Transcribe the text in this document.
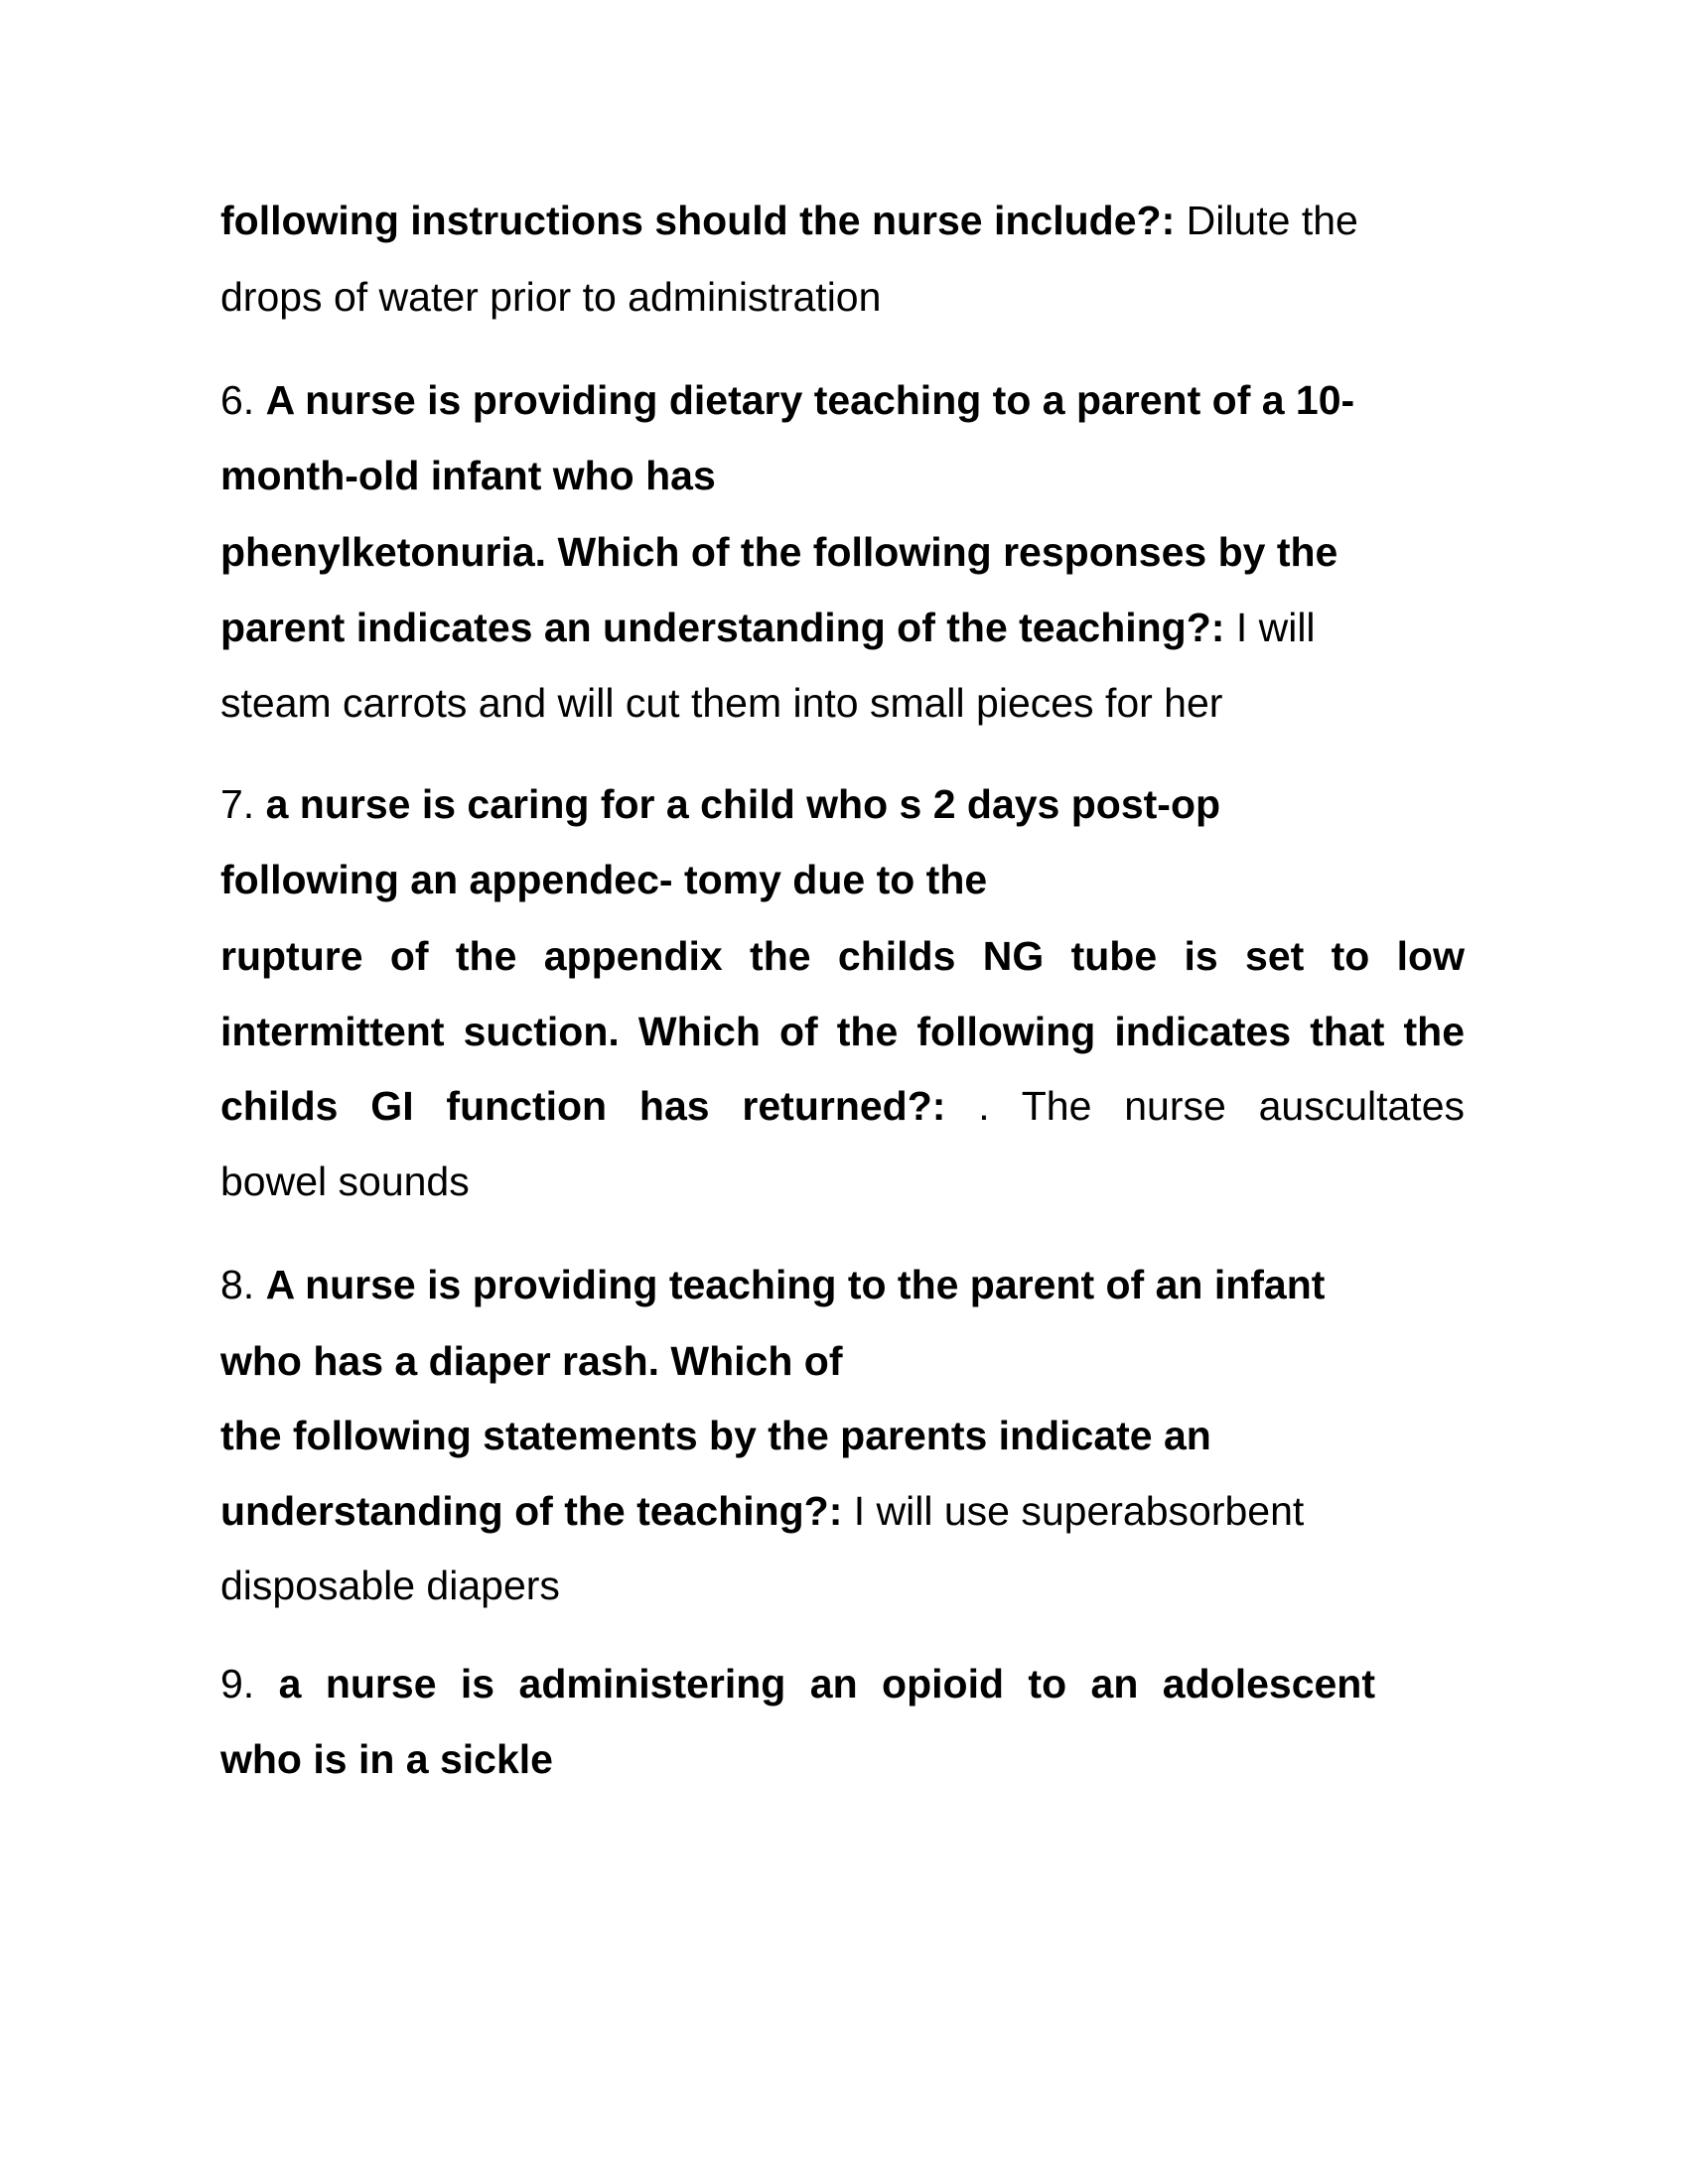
following instructions should the nurse include?: Dilute the
drops of water prior to administration
6. A nurse is providing dietary teaching to a parent of a 10-
month-old infant who has
phenylketonuria. Which of the following responses by the
parent indicates an understanding of the teaching?: I will
steam carrots and will cut them into small pieces for her
7. a nurse is caring for a child who s 2 days post-op
following an appendec- tomy due to the
rupture of the appendix the childs NG tube is set to low
intermittent suction. Which of the following indicates that the
childs GI function has returned?: . The nurse auscultates
bowel sounds
8. A nurse is providing teaching to the parent of an infant
who has a diaper rash. Which of
the following statements by the parents indicate an
understanding of the teaching?: I will use superabsorbent
disposable diapers
9. a nurse is administering an opioid to an adolescent
who is in a sickle
